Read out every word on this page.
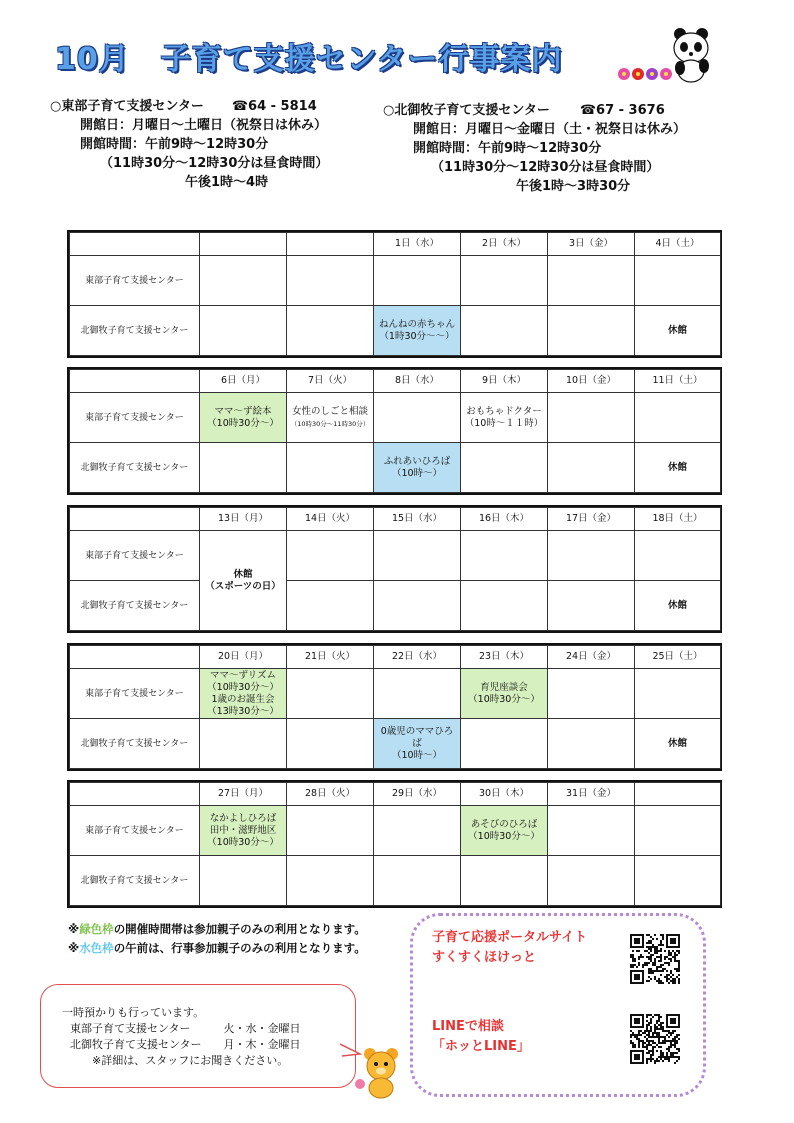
10月　子育て支援センター行事案内
○東部子育て支援センター ☎64 - 5814
開館日：月曜日～土曜日（祝祭日は休み）
開館時間：午前9時～12時30分
（11時30分～12時30分は昼食時間）
午後1時～4時
○北御牧子育て支援センター ☎67 - 3676
開館日：月曜日～金曜日（土・祝祭日は休み）
開館時間：午前9時～12時30分
（11時30分～12時30分は昼食時間）
午後1時～3時30分
			1日（水）	2日（木）	3日（金）	4日（土）
東部子育て支援センター						
北御牧子育て支援センター			ねんねの赤ちゃん
（1時30分～～）			休館
	6日（月）	7日（火）	8日（水）	9日（木）	10日（金）	11日（土）
東部子育て支援センター	ママ～ず絵本
（10時30分～）	女性のしごと相談
（10時30分～11時30分）		おもちゃドクター
（10時～１１時）		
北御牧子育て支援センター			ふれあいひろば
（10時～）			休館
	13日（月）	14日（火）	15日（水）	16日（木）	17日（金）	18日（土）
東部子育て支援センター	休館
（スポーツの日）					
北御牧子育て支援センター						休館
	20日（月）	21日（火）	22日（水）	23日（木）	24日（金）	25日（土）
東部子育て支援センター	ママ～ずリズム
（10時30分～）
1歳のお誕生会
（13時30分～）			育児座談会
（10時30分～）		
北御牧子育て支援センター			0歳児のママひろば
（10時～）			休館
	27日（月）	28日（火）	29日（水）	30日（木）	31日（金）	
東部子育て支援センター	なかよしひろば
田中・滋野地区
（10時30分～）			あそびのひろば
（10時30分～）		
北御牧子育て支援センター						
※緑色枠の開催時間帯は参加親子のみの利用となります。
※水色枠の午前は、行事参加親子のみの利用となります。
一時預かりも行っています。
東部子育て支援センター　　　火・水・金曜日
北御牧子育て支援センター　　月・木・金曜日
※詳細は、スタッフにお聞きください。
子育て応援ポータルサイト
すくすくほけっと
LINEで相談
「ホッとLINE」
